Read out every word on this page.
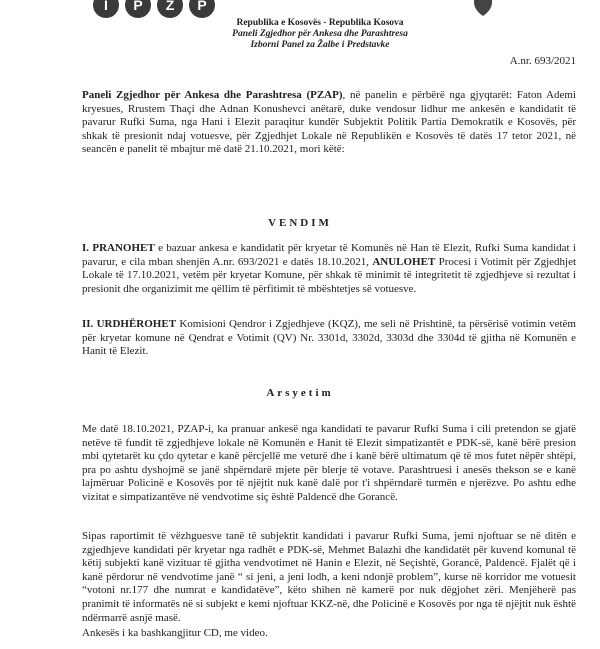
I	P	Z	P
Republika e Kosovës - Republika Kosova
Paneli Zgjedhor për Ankesa dhe Parashtresa
Izborni Panel za Žalbe i Predstavke
A.nr. 693/2021

Paneli Zgjedhor për Ankesa dhe Parashtresa (PZAP), në panelin e përbërë nga gjyqtarët: Faton Ademi kryesues, Rrustem Thaçi dhe Adnan Konushevci anëtarë, duke vendosur lidhur me ankesën e kandidatit të pavarur Rufki Suma, nga Hani i Elezit paraqitur kundër Subjektit Politik Partia Demokratik e Kosovës, për shkak të presionit ndaj votuesve, për Zgjedhjet Lokale në Republikën e Kosovës të datës 17 tetor 2021, në seancën e panelit të mbajtur më datë 21.10.2021, mori këtë:

VENDIM

I. PRANOHET e bazuar ankesa e kandidatit për kryetar të Komunës në Han të Elezit, Rufki Suma kandidat i pavarur, e cila mban shenjën A.nr. 693/2021 e datës 18.10.2021, ANULOHET Procesi i Votimit për Zgjedhjet Lokale të 17.10.2021, vetëm për kryetar Komune, për shkak të minimit të integritetit të zgjedhjeve si rezultat i presionit dhe organizimit me qëllim të përfitimit të mbështetjes së votuesve.

II. URDHËROHET Komisioni Qendror i Zgjedhjeve (KQZ), me seli në Prishtinë, ta përsërisë votimin vetëm për kryetar komune në Qendrat e Votimit (QV) Nr. 3301d, 3302d, 3303d dhe 3304d të gjitha në Komunën e Hanit të Elezit.

Arsyetim

Me datë 18.10.2021, PZAP-i, ka pranuar ankesë nga kandidati te pavarur Rufki Suma i cili pretendon se gjatë netëve të fundit të zgjedhjeve lokale në Komunën e Hanit të Elezit simpatizantët e PDK-së, kanë bërë presion mbi qytetarët ku çdo qytetar e kanë përcjellë me veturë dhe i kanë bërë ultimatum që të mos futet nëpër shtëpi, pra po ashtu dyshojmë se janë shpërndarë mjete për blerje të votave. Parashtruesi i anesës thekson se e kanë lajmëruar Policinë e Kosovës por të njëjtit nuk kanë dalë por t'i shpërndarë turmën e njerëzve. Po ashtu edhe vizitat e simpatizantëve në vendvotime siç është Paldencë dhe Gorancë.

Sipas raportimit të vëzhguesve tanë të subjektit kandidati i pavarur Rufki Suma, jemi njoftuar se në ditën e zgjedhjeve kandidati për kryetar nga radhët e PDK-së, Mehmet Balazhi dhe kandidatët për kuvend komunal të këtij subjekti kanë vizituar të gjitha vendvotimet në Hanin e Elezit, në Seçishtë, Gorancë, Paldencë. Fjalët që i kanë përdorur në vendvotime janë “ si jeni, a jeni lodh, a keni ndonjë problem”, kurse në korridor me votuesit “votoni nr.177 dhe numrat e kandidatëve”, këto shihen në kamerë por nuk dëgjohet zëri. Menjëherë pas pranimit të informatës në si subjekt e kemi njoftuar KKZ-në, dhe Policinë e Kosovës por nga të njëjtit nuk është ndërmarrë asnjë masë.

Ankesës i ka bashkangjitur CD, me video.
